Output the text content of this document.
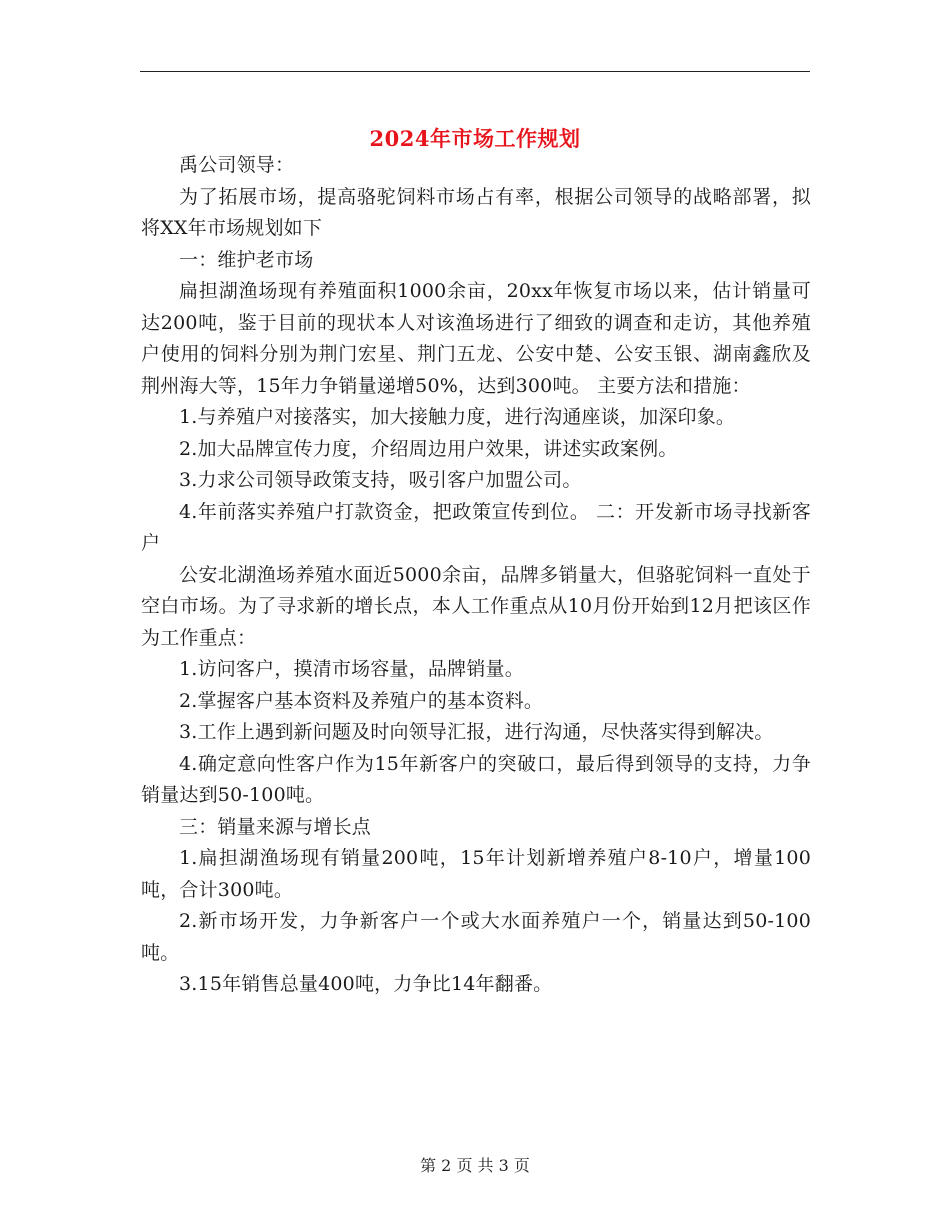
2024年市场工作规划

禹公司领导：

为了拓展市场，提高骆驼饲料市场占有率，根据公司领导的战略部署，拟将XX年市场规划如下

一：维护老市场

扁担湖渔场现有养殖面积1000余亩，20xx年恢复市场以来，估计销量可达200吨，鉴于目前的现状本人对该渔场进行了细致的调查和走访，其他养殖户使用的饲料分别为荆门宏星、荆门五龙、公安中楚、公安玉银、湖南鑫欣及荆州海大等，15年力争销量递增50%，达到300吨。 主要方法和措施：

1.与养殖户对接落实，加大接触力度，进行沟通座谈，加深印象。

2.加大品牌宣传力度，介绍周边用户效果，讲述实政案例。

3.力求公司领导政策支持，吸引客户加盟公司。

4.年前落实养殖户打款资金，把政策宣传到位。 二：开发新市场寻找新客户

公安北湖渔场养殖水面近5000余亩，品牌多销量大，但骆驼饲料一直处于空白市场。为了寻求新的增长点，本人工作重点从10月份开始到12月把该区作为工作重点：

1.访问客户，摸清市场容量，品牌销量。

2.掌握客户基本资料及养殖户的基本资料。

3.工作上遇到新问题及时向领导汇报，进行沟通，尽快落实得到解决。

4.确定意向性客户作为15年新客户的突破口，最后得到领导的支持，力争销量达到50-100吨。

三：销量来源与增长点

1.扁担湖渔场现有销量200吨，15年计划新增养殖户8-10户，增量100吨，合计300吨。

2.新市场开发，力争新客户一个或大水面养殖户一个，销量达到50-100吨。

3.15年销售总量400吨，力争比14年翻番。

第 2 页 共 3 页
